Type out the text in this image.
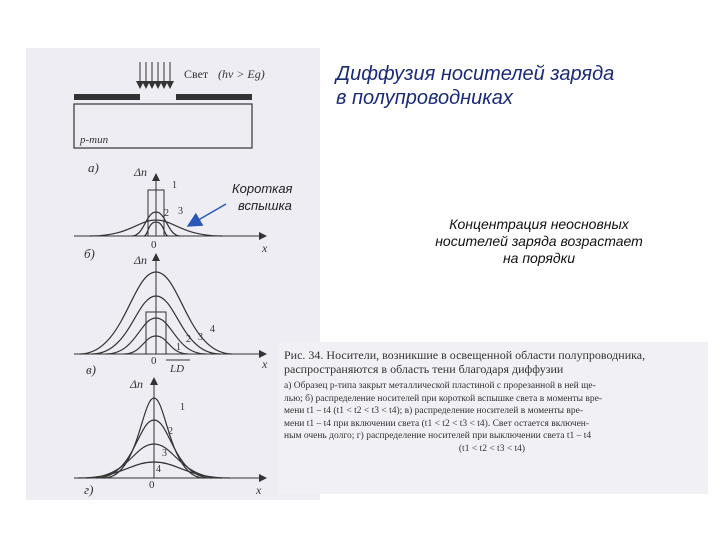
Свет (hν > Eg)
p-тип
а)	Δn
x
0
б)
1
2 3
Короткая
вспышка
Δn
x
0
в)
1
2 3
4
LD
Δn
x
0
г)
1
2
3
4
Диффузия носителей заряда
в полупроводниках
Концентрация неосновных
носителей заряда возрастает
на порядки
Рис. 34. Носители, возникшие в освещенной области полупроводника,
распространяются в область тени благодаря диффузии
а) Образец p-типа закрыт металлической пластиной с прорезанной в ней ще-
лью; б) распределение носителей при короткой вспышке света в моменты вре-
мени t1 – t4 (t1 < t2 < t3 < t4); в) распределение носителей в моменты вре-
мени t1 – t4 при включении света (t1 < t2 < t3 < t4). Свет остается включен-
ным очень долго; г) распределение носителей при выключении света t1 – t4
(t1 < t2 < t3 < t4)
